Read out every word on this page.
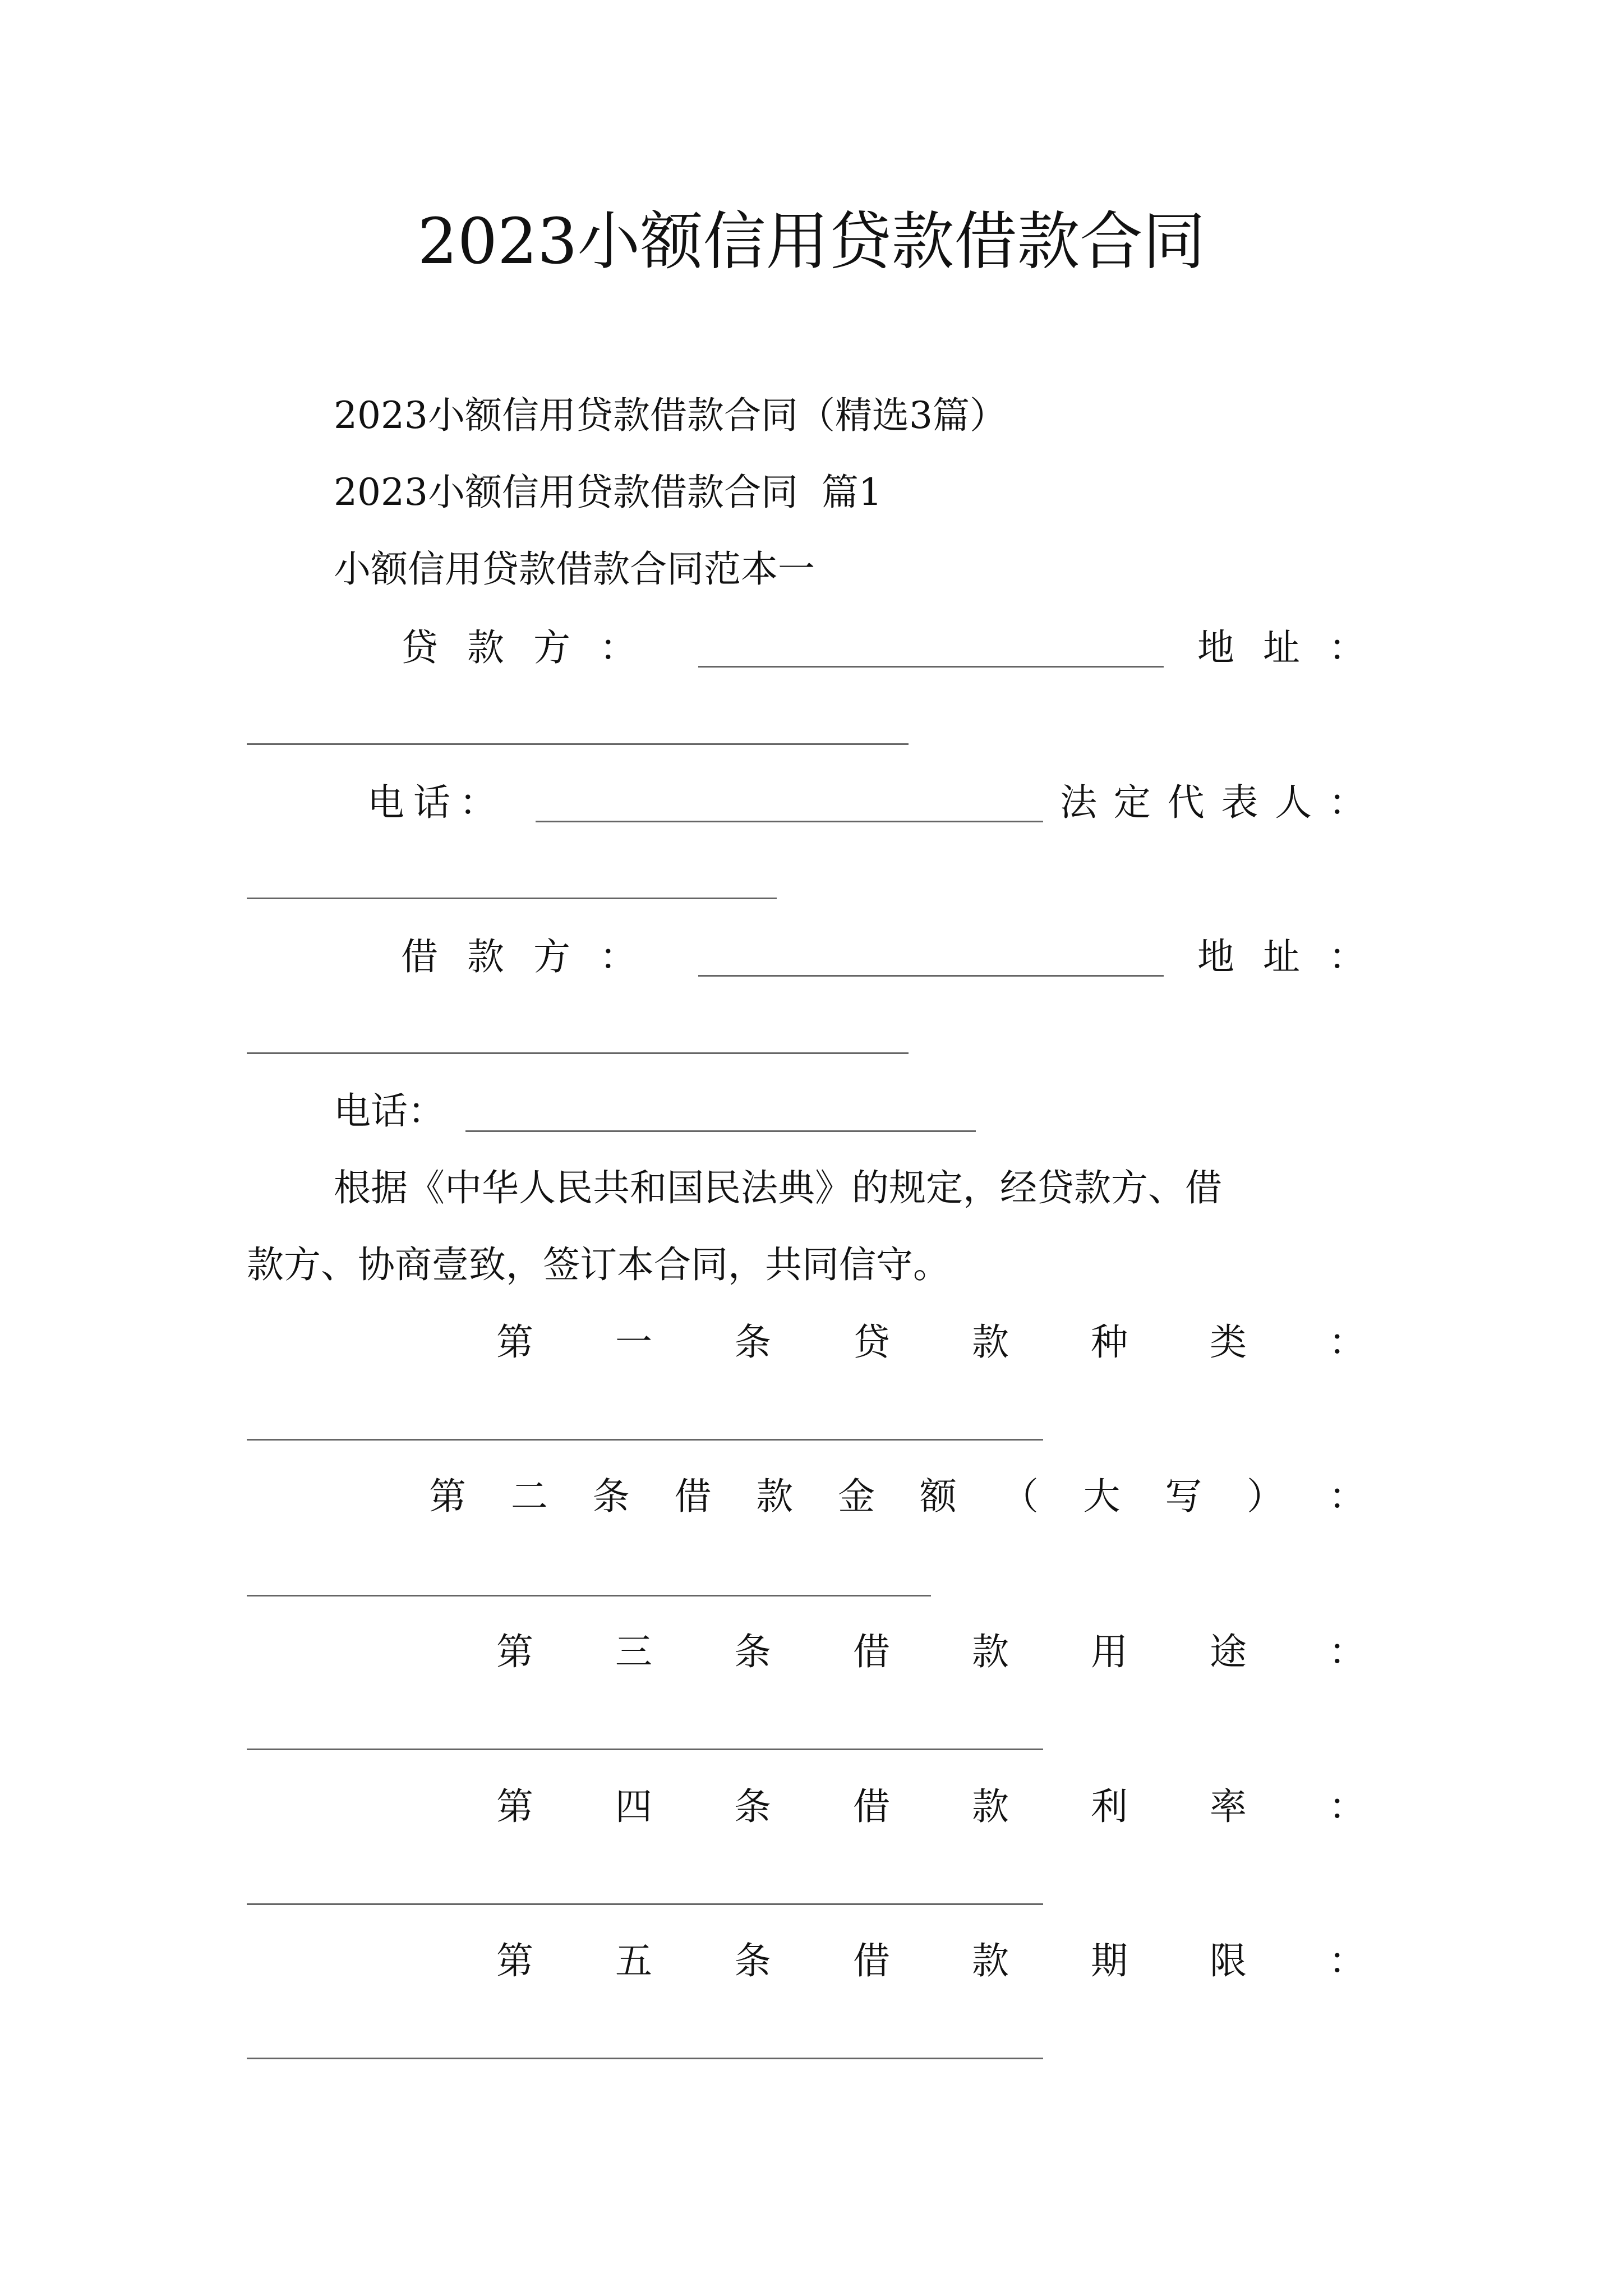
2023小额信用贷款借款合同
2023小额信用贷款借款合同（精选3篇）
2023小额信用贷款借款合同  篇1
小额信用贷款借款合同范本一
贷 款 方 ：	地 址 ：
电 话 ：	法 定 代 表 人 ：
借 款 方 ：	地 址 ：
电话：
根据《中华人民共和国民法典》的规定，经贷款方、借
款方、协商壹致，签订本合同，共同信守。
第 一 条 贷 款 种 类 ：
第 二 条 借 款 金 额 （ 大 写 ） ：
第 三 条 借 款 用 途 ：
第 四 条 借 款 利 率 ：
第 五 条 借 款 期 限 ：
